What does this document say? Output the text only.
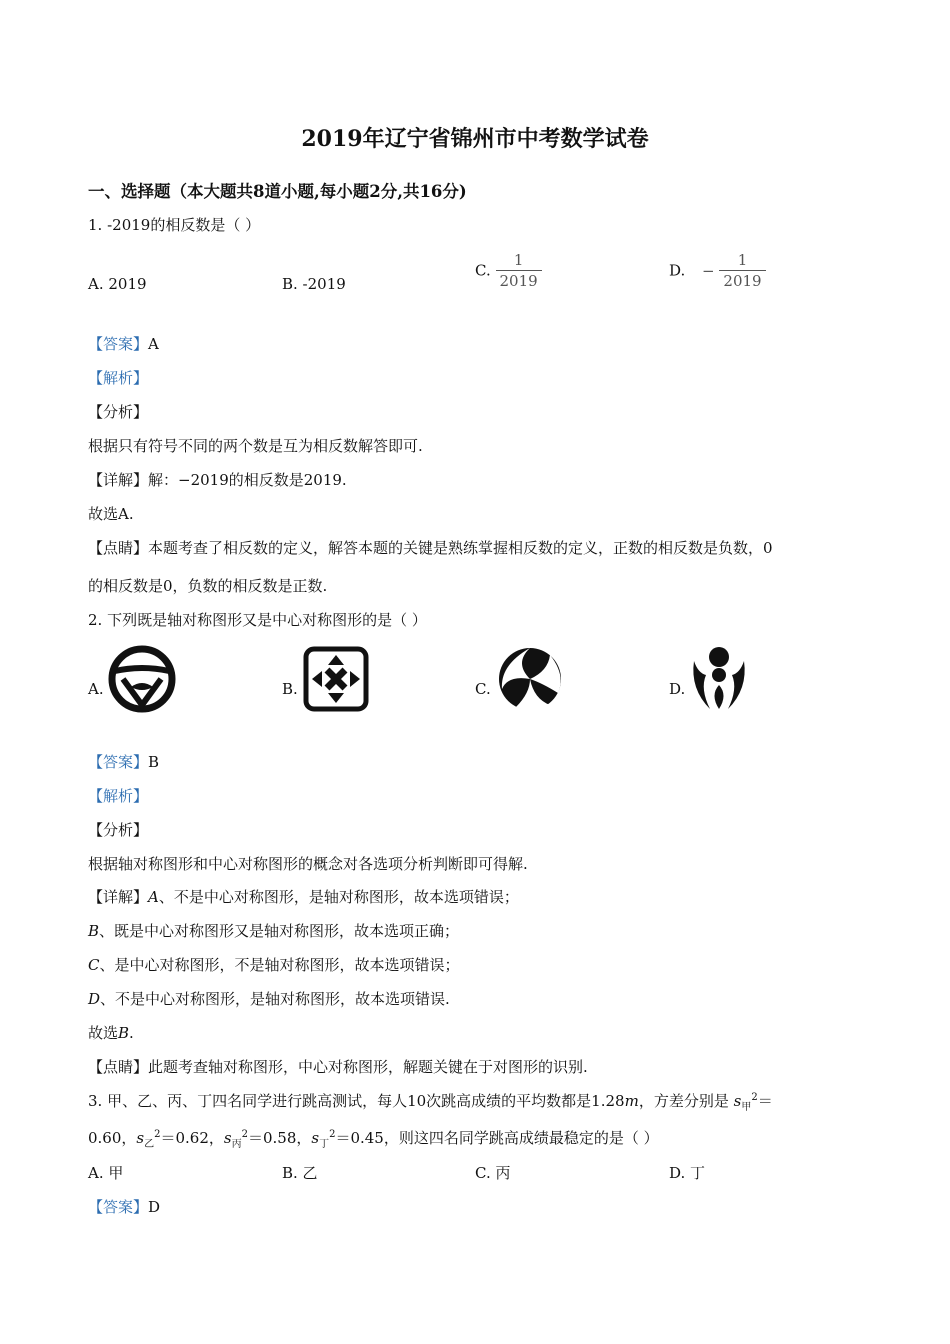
2019年辽宁省锦州市中考数学试卷
一、选择题（本大题共8道小题,每小题2分,共16分)
1. -2019的相反数是（ ）
A. 2019	B. -2019
C. $\frac{1}{2019}$	D. − $\frac{1}{2019}$
【答案】A
【解析】
【分析】
根据只有符号不同的两个数是互为相反数解答即可.
【详解】解：−2019的相反数是2019.
故选A.
【点睛】本题考查了相反数的定义，解答本题的关键是熟练掌握相反数的定义，正数的相反数是负数，0
的相反数是0，负数的相反数是正数.
2. 下列既是轴对称图形又是中心对称图形的是（ ）
A.	B.	C.	D.
【答案】B
【解析】
【分析】
根据轴对称图形和中心对称图形的概念对各选项分析判断即可得解.
【详解】A、不是中心对称图形，是轴对称图形，故本选项错误；
B、既是中心对称图形又是轴对称图形，故本选项正确；
C、是中心对称图形，不是轴对称图形，故本选项错误；
D、不是中心对称图形，是轴对称图形，故本选项错误.
故选B.
【点睛】此题考查轴对称图形，中心对称图形，解题关键在于对图形的识别.
3. 甲、乙、丙、丁四名同学进行跳高测试，每人10次跳高成绩的平均数都是1.28m，方差分别是 $s_甲^2=$
0.60，$s_乙^2=0.62$，$s_丙^2=0.58$，$s_丁^2=0.45$，则这四名同学跳高成绩最稳定的是（ ）
A. 甲	B. 乙	C. 丙	D. 丁
【答案】D
